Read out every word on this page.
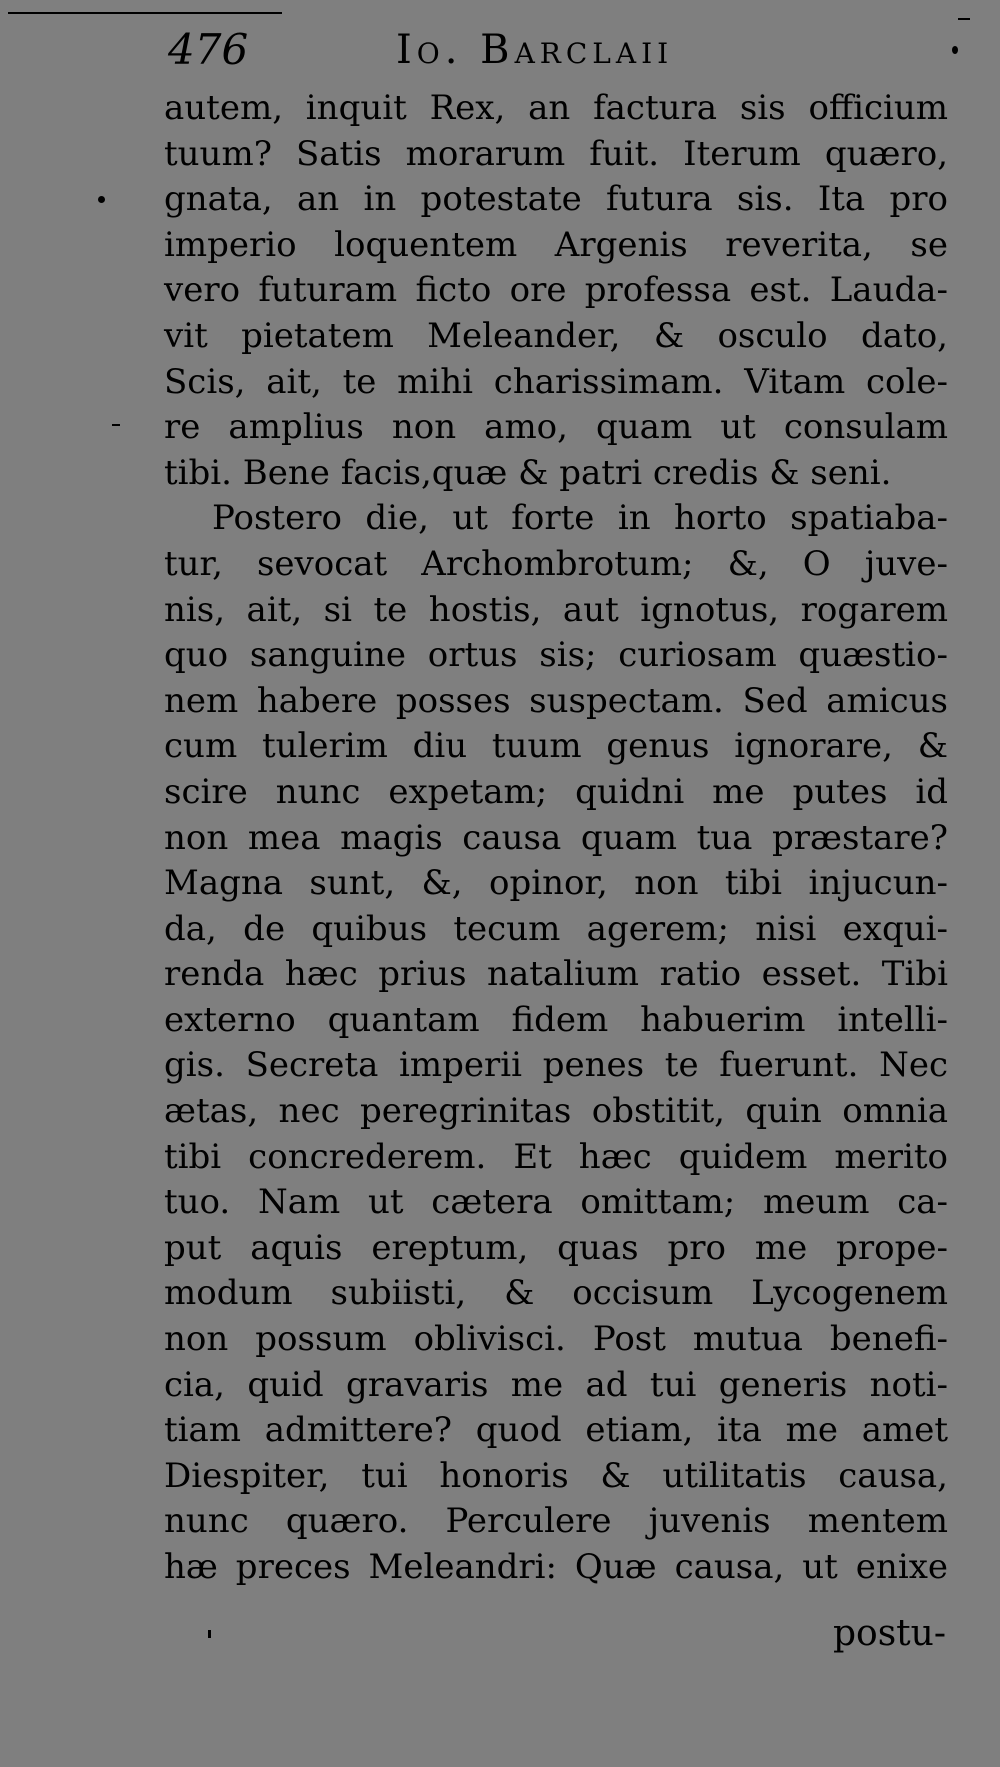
476	Io. Barclaii
autem, inquit Rex, an factura sis officium
tuum? Satis morarum fuit. Iterum quæro,
gnata, an in potestate futura sis. Ita pro
imperio loquentem Argenis reverita, se
vero futuram ficto ore professa est. Lauda-
vit pietatem Meleander, & osculo dato,
Scis, ait, te mihi charissimam. Vitam cole-
re amplius non amo, quam ut consulam
tibi. Bene facis,quæ & patri credis & seni.
Postero die, ut forte in horto spatiaba-
tur, sevocat Archombrotum; &, O juve-
nis, ait, si te hostis, aut ignotus, rogarem
quo sanguine ortus sis; curiosam quæstio-
nem habere posses suspectam. Sed amicus
cum tulerim diu tuum genus ignorare, &
scire nunc expetam; quidni me putes id
non mea magis causa quam tua præstare?
Magna sunt, &, opinor, non tibi injucun-
da, de quibus tecum agerem; nisi exqui-
renda hæc prius natalium ratio esset. Tibi
externo quantam fidem habuerim intelli-
gis. Secreta imperii penes te fuerunt. Nec
ætas, nec peregrinitas obstitit, quin omnia
tibi concrederem. Et hæc quidem merito
tuo. Nam ut cætera omittam; meum ca-
put aquis ereptum, quas pro me prope-
modum subiisti, & occisum Lycogenem
non possum oblivisci. Post mutua benefi-
cia, quid gravaris me ad tui generis noti-
tiam admittere? quod etiam, ita me amet
Diespiter, tui honoris & utilitatis causa,
nunc quæro. Perculere juvenis mentem
hæ preces Meleandri: Quæ causa, ut enixe
postu-
